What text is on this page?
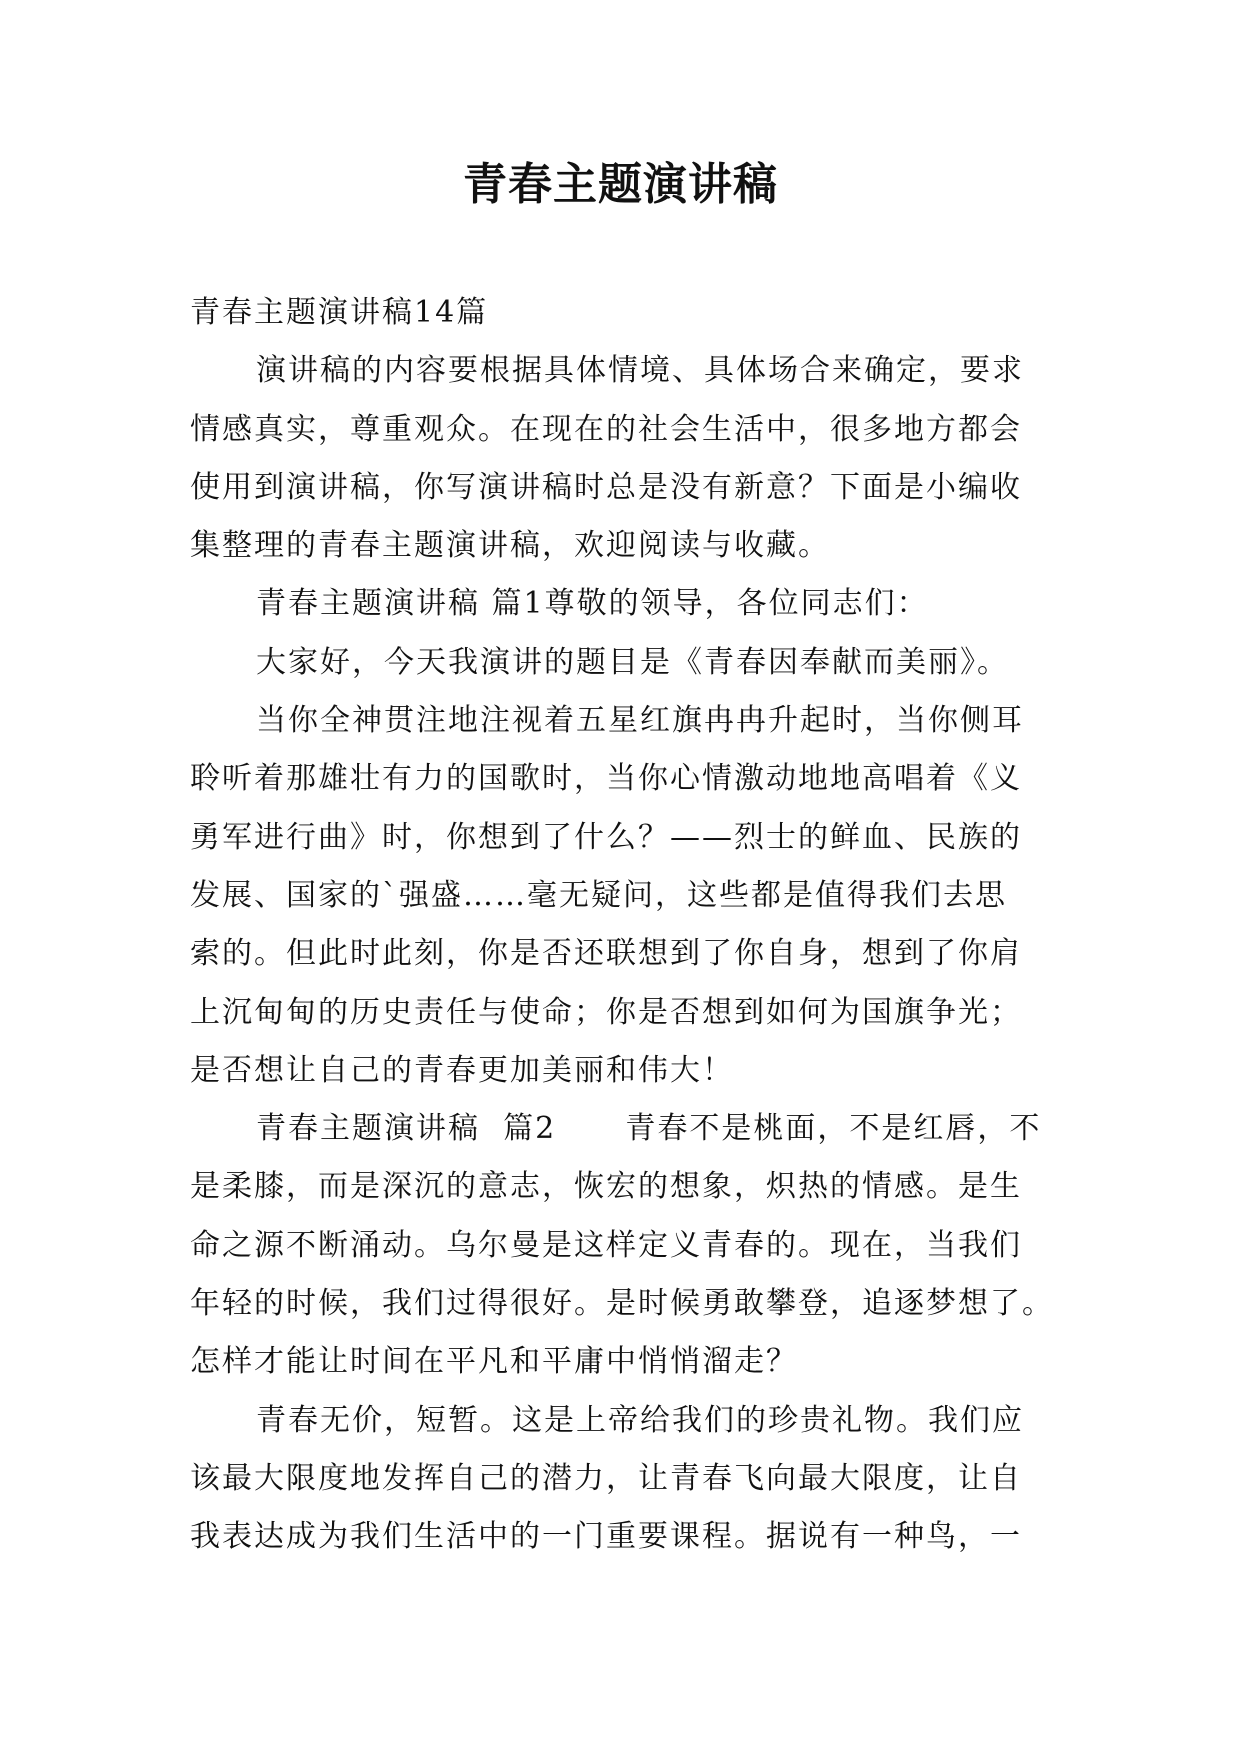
青春主题演讲稿
青春主题演讲稿14篇
演讲稿的内容要根据具体情境、具体场合来确定，要求
情感真实，尊重观众。在现在的社会生活中，很多地方都会
使用到演讲稿，你写演讲稿时总是没有新意？下面是小编收
集整理的青春主题演讲稿，欢迎阅读与收藏。
青春主题演讲稿 篇1尊敬的领导，各位同志们：
大家好，今天我演讲的题目是《青春因奉献而美丽》。
当你全神贯注地注视着五星红旗冉冉升起时，当你侧耳
聆听着那雄壮有力的国歌时，当你心情激动地地高唱着《义
勇军进行曲》时，你想到了什么？——烈士的鲜血、民族的
发展、国家的`强盛……毫无疑问，这些都是值得我们去思
索的。但此时此刻，你是否还联想到了你自身，想到了你肩
上沉甸甸的历史责任与使命；你是否想到如何为国旗争光；
是否想让自己的青春更加美丽和伟大！
青春主题演讲稿  篇2      青春不是桃面，不是红唇，不
是柔膝，而是深沉的意志，恢宏的想象，炽热的情感。是生
命之源不断涌动。乌尔曼是这样定义青春的。现在，当我们
年轻的时候，我们过得很好。是时候勇敢攀登，追逐梦想了。
怎样才能让时间在平凡和平庸中悄悄溜走？
青春无价，短暂。这是上帝给我们的珍贵礼物。我们应
该最大限度地发挥自己的潜力，让青春飞向最大限度，让自
我表达成为我们生活中的一门重要课程。据说有一种鸟，一
